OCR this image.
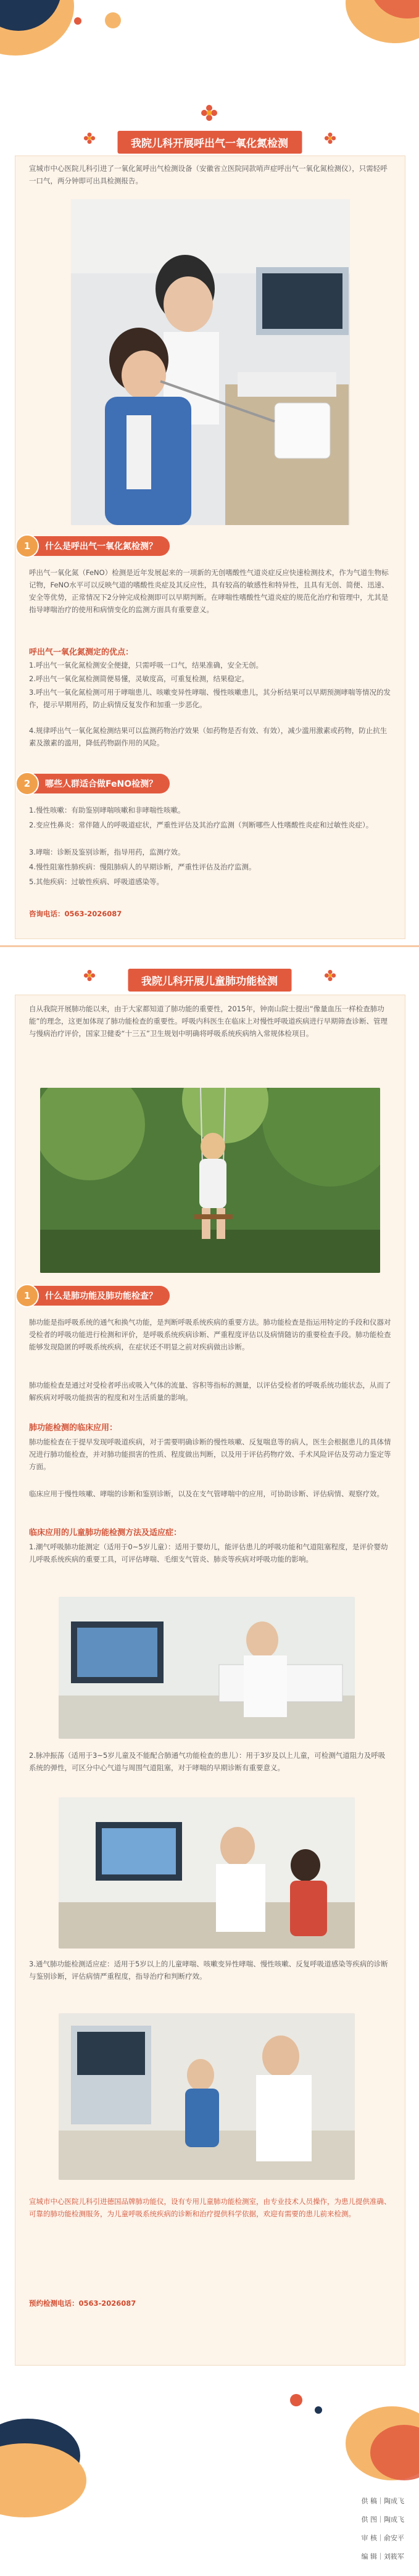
我院儿科开展呼出气一氧化氮检测
宣城市中心医院儿科引进了一氧化氮呼出气检测设备（安徽省立医院同款哨声症呼出气一氧化氮检测仪），只需轻呼一口气，两分钟即可出具检测报告。
1	什么是呼出气一氧化氮检测？
呼出气一氧化氮（FeNO）检测是近年发展起来的一项新的无创嗜酸性气道炎症反应快速检测技术，作为气道生物标记物，FeNO水平可以反映气道的嗜酸性炎症及其反应性，具有较高的敏感性和特异性，且具有无创、简便、迅速、安全等优势，正常情况下2分钟完成检测即可以早期判断。在哮喘性嗜酸性气道炎症的规范化治疗和管理中，尤其是指导哮喘治疗的使用和病情变化的监测方面具有重要意义。
呼出气一氧化氮测定的优点：
1.呼出气一氧化氮检测安全便捷，只需呼吸一口气，结果准确，安全无创。
2.呼出气一氧化氮检测简便易懂，灵敏度高，可重复检测，结果稳定。
3.呼出气一氧化氮检测可用于哮喘患儿、咳嗽变异性哮喘、慢性咳嗽患儿，其分析结果可以早期预测哮喘等情况的发作，提示早期用药，防止病情反复发作和加重一步恶化。
4.规律呼出气一氧化氮检测结果可以监测药物治疗效果（如药物是否有效、有效），减少滥用激素或药物，防止抗生素及激素的滥用，降低药物副作用的风险。
2	哪些人群适合做FeNO检测？
1.慢性咳嗽：有助鉴别哮喘咳嗽和非哮喘性咳嗽。
2.变应性鼻炎：常伴随人的呼吸道症状，严重性评估及其治疗监测（判断哪些人性嗜酸性炎症和过敏性炎症）。
3.哮喘：诊断及鉴别诊断，指导用药，监测疗效。
4.慢性阻塞性肺疾病：慢阻肺病人的早期诊断，严重性评估及治疗监测。
5.其他疾病：过敏性疾病、呼吸道感染等。
咨询电话：0563-2026087
我院儿科开展儿童肺功能检测
自从我院开展肺功能以来，由于大家都知道了肺功能的重要性，2015年，钟南山院士提出“像量血压一样检查肺功能”的理念，这更加体现了肺功能检查的重要性。呼吸内科医生在临床上对慢性呼吸道疾病进行早期筛查诊断、管理与慢病治疗评价，国家卫健委“十三五”卫生规划中明确将呼吸系统疾病纳入常规体检项目。
1	什么是肺功能及肺功能检查？
肺功能是指呼吸系统的通气和换气功能，是判断呼吸系统疾病的重要方法。肺功能检查是指运用特定的手段和仪器对受检者的呼吸功能进行检测和评价，是呼吸系统疾病诊断、严重程度评估以及病情随访的重要检查手段。肺功能检查能够发现隐匿的呼吸系统疾病，在症状还不明显之前对疾病做出诊断。
肺功能检查是通过对受检者呼出或吸入气体的流量、容积等指标的测量，以评估受检者的呼吸系统功能状态，从而了解疾病对呼吸功能损害的程度和对生活质量的影响。
肺功能检测的临床应用：
肺功能检查在于提早发现呼吸道疾病，对于需要明确诊断的慢性咳嗽、反复喘息等的病人，医生会根据患儿的具体情况进行肺功能检查，并对肺功能损害的性质、程度做出判断，以及用于评估药物疗效、手术风险评估及劳动力鉴定等方面。
临床应用于慢性咳嗽、哮喘的诊断和鉴别诊断，以及在支气管哮喘中的应用，可协助诊断、评估病情、观察疗效。
临床应用的儿童肺功能检测方法及适应症：
1.潮气呼吸肺功能测定（适用于0~5岁儿童）：适用于婴幼儿，能评估患儿的呼吸功能和气道阻塞程度，是评价婴幼儿呼吸系统疾病的重要工具，可评估哮喘、毛细支气管炎、肺炎等疾病对呼吸功能的影响。
2.脉冲振荡（适用于3~5岁儿童及不能配合肺通气功能检查的患儿）：用于3岁及以上儿童，可检测气道阻力及呼吸系统的弹性，可区分中心气道与周围气道阻塞，对于哮喘的早期诊断有重要意义。
3.通气肺功能检测适应症：适用于5岁以上的儿童哮喘、咳嗽变异性哮喘、慢性咳嗽、反复呼吸道感染等疾病的诊断与鉴别诊断，评估病情严重程度，指导治疗和判断疗效。
宣城市中心医院儿科引进德国品牌肺功能仪，设有专用儿童肺功能检测室，由专业技术人员操作，为患儿提供准确、可靠的肺功能检测服务，为儿童呼吸系统疾病的诊断和治疗提供科学依据，欢迎有需要的患儿前来检测。
预约检测电话：0563-2026087
供 稿｜陶成飞
供 图｜陶成飞
审 核｜俞安平
编 辑｜刘筱军
